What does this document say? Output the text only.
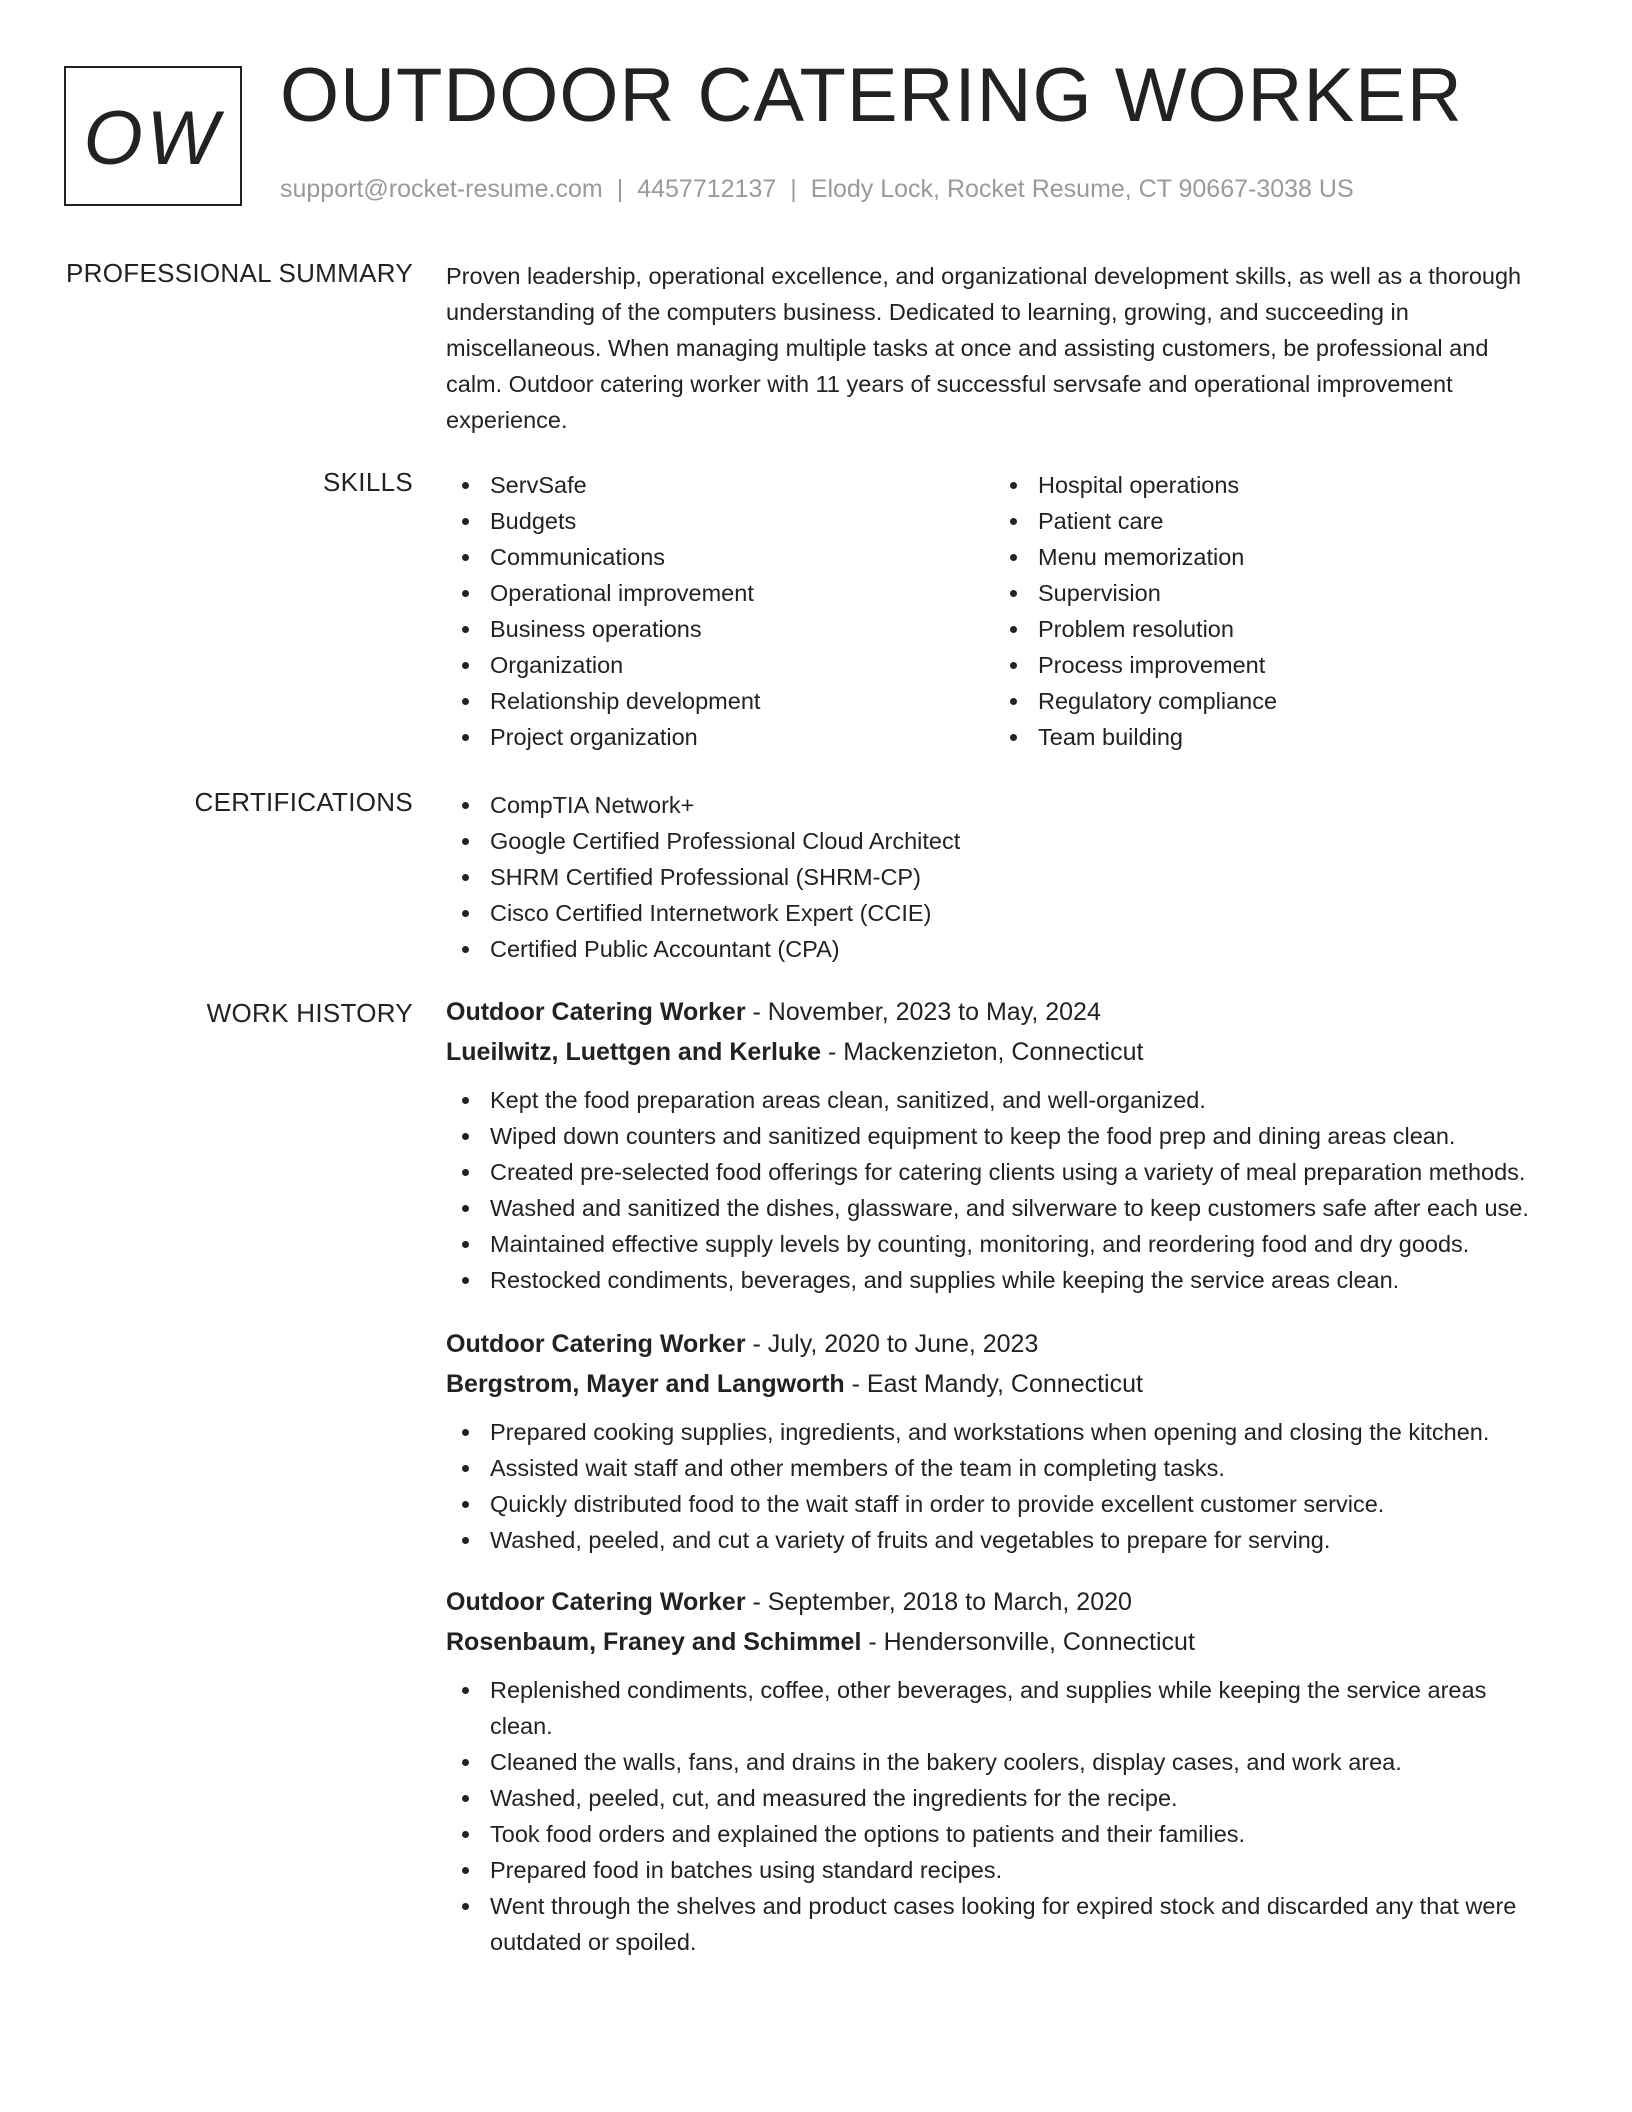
OW OUTDOOR CATERING WORKER
support@rocket-resume.com | 4457712137 | Elody Lock, Rocket Resume, CT 90667-3038 US
PROFESSIONAL SUMMARY Proven leadership, operational excellence, and organizational development skills, as well as a thorough understanding of the computers business. Dedicated to learning, growing, and succeeding in miscellaneous. When managing multiple tasks at once and assisting customers, be professional and calm. Outdoor catering worker with 11 years of successful servsafe and operational improvement experience.

SKILLS	ServSafe
Budgets
Communications
Operational improvement
Business operations
Organization
Relationship development
Project organization
Hospital operations
Patient care
Menu memorization
Supervision
Problem resolution
Process improvement
Regulatory compliance
Team building
CERTIFICATIONS	CompTIA Network+
Google Certified Professional Cloud Architect
SHRM Certified Professional (SHRM-CP)
Cisco Certified Internetwork Expert (CCIE)
Certified Public Accountant (CPA)
WORK HISTORY Outdoor Catering Worker - November, 2023 to May, 2024
Lueilwitz, Luettgen and Kerluke - Mackenzieton, Connecticut
Kept the food preparation areas clean, sanitized, and well-organized.
Wiped down counters and sanitized equipment to keep the food prep and dining areas clean.
Created pre-selected food offerings for catering clients using a variety of meal preparation methods.
Washed and sanitized the dishes, glassware, and silverware to keep customers safe after each use.
Maintained effective supply levels by counting, monitoring, and reordering food and dry goods.
Restocked condiments, beverages, and supplies while keeping the service areas clean.
Outdoor Catering Worker - July, 2020 to June, 2023
Bergstrom, Mayer and Langworth - East Mandy, Connecticut
Prepared cooking supplies, ingredients, and workstations when opening and closing the kitchen.
Assisted wait staff and other members of the team in completing tasks.
Quickly distributed food to the wait staff in order to provide excellent customer service.
Washed, peeled, and cut a variety of fruits and vegetables to prepare for serving.
Outdoor Catering Worker - September, 2018 to March, 2020
Rosenbaum, Franey and Schimmel - Hendersonville, Connecticut
Replenished condiments, coffee, other beverages, and supplies while keeping the service areas clean.
Cleaned the walls, fans, and drains in the bakery coolers, display cases, and work area.
Washed, peeled, cut, and measured the ingredients for the recipe.
Took food orders and explained the options to patients and their families.
Prepared food in batches using standard recipes.
Went through the shelves and product cases looking for expired stock and discarded any that were outdated or spoiled.
